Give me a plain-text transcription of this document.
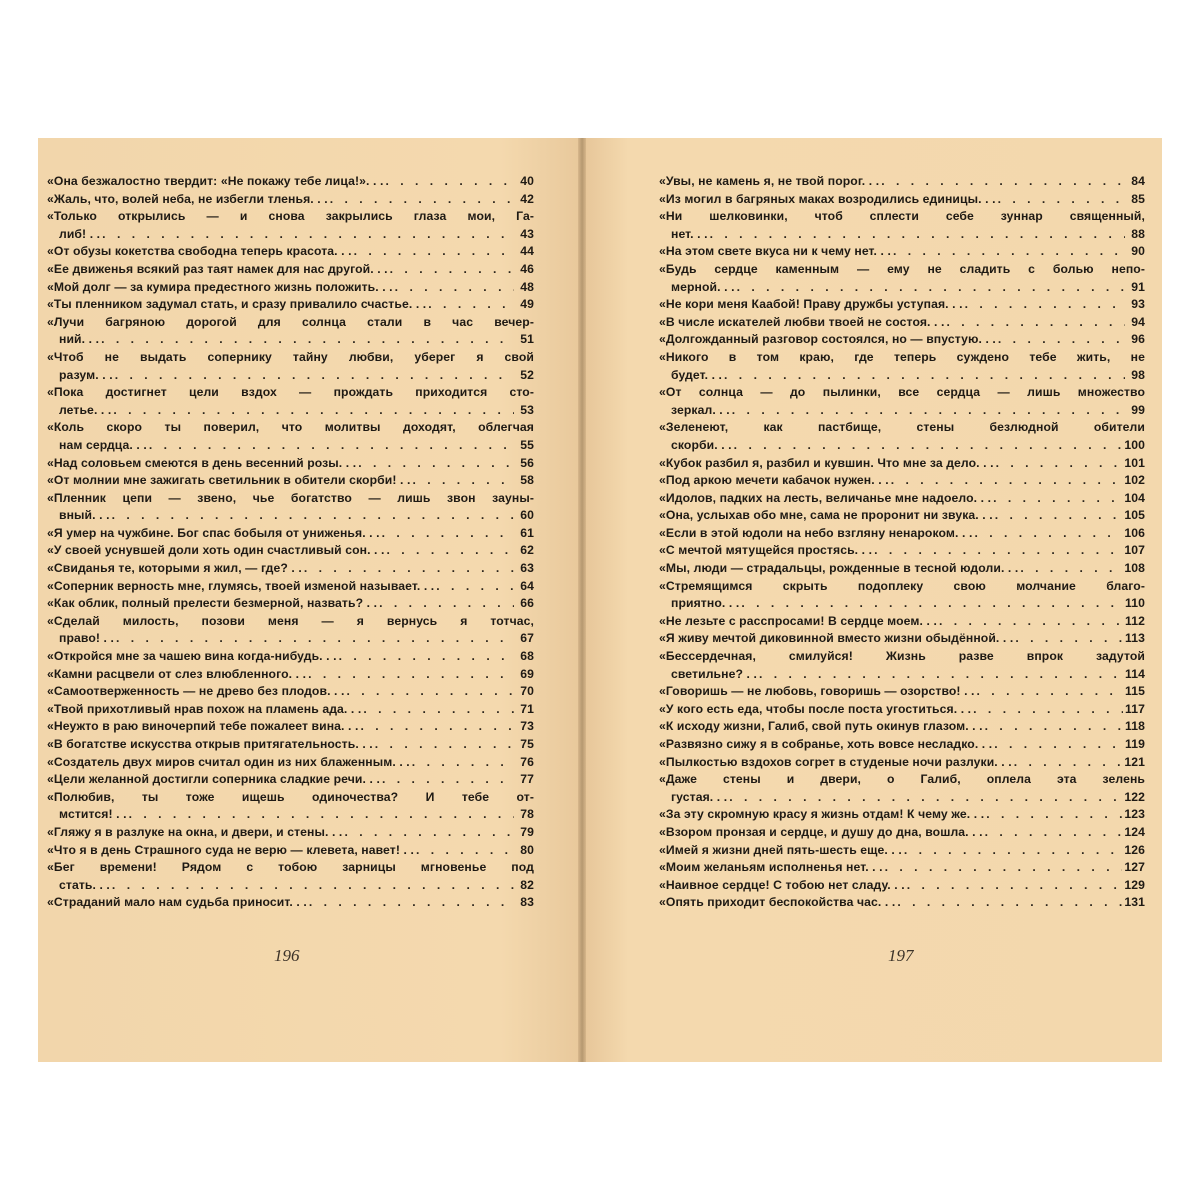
«Она безжалостно твердит: «Не покажу тебе лица!». . . . . .	40
«Жаль, что, волей неба, не избегли тленья. . . . . .	42
«Только открылись — и снова закрылись глаза мои, Га-
либ! . . . . .	43
«От обузы кокетства свободна теперь красота. . . . . .	44
«Ее движенья всякий раз таят намек для нас другой. . . . . .	46
«Мой долг — за кумира предестного жизнь положить. . . . . .	48
«Ты пленником задумал стать, и сразу привалило счастье. . . . . .	49
«Лучи багряною дорогой для солнца стали в час вечер-
ний. . . . . .	51
«Чтоб не выдать сопернику тайну любви, уберег я свой
разум. . . . . .	52
«Пока достигнет цели вздох — прождать приходится сто-
летье. . . . . .	53
«Коль скоро ты поверил, что молитвы доходят, облегчая
нам сердца. . . . . .	55
«Над соловьем смеются в день весенний розы. . . . . .	56
«От молнии мне зажигать светильник в обители скорби! . . . . .	58
«Пленник цепи — звено, чье богатство — лишь звон зауны-
вный. . . . . .	60
«Я умер на чужбине. Бог спас бобыля от униженья. . . . . .	61
«У своей уснувшей доли хоть один счастливый сон. . . . . .	62
«Свиданья те, которыми я жил, — где? . . . . .	63
«Соперник верность мне, глумясь, твоей изменой называет. . . . . .	64
«Как облик, полный прелести безмерной, назвать? . . . . .	66
«Сделай милость, позови меня — я вернусь я тотчас,
право! . . . . .	67
«Откройся мне за чашею вина когда-нибудь. . . . . .	68
«Камни расцвели от слез влюбленного. . . . . .	69
«Самоотверженность — не древо без плодов. . . . . .	70
«Твой прихотливый нрав похож на пламень ада. . . . . .	71
«Неужто в раю виночерпий тебе пожалеет вина. . . . . .	73
«В богатстве искусства открыв притягательность. . . . . .	75
«Создатель двух миров считал один из них блаженным. . . . . .	76
«Цели желанной достигли соперника сладкие речи. . . . . .	77
«Полюбив, ты тоже ищешь одиночества? И тебе от-
мстится! . . . . .	78
«Гляжу я в разлуке на окна, и двери, и стены. . . . . .	79
«Что я в день Страшного суда не верю — клевета, навет! . . . . .	80
«Бег времени! Рядом с тобою зарницы мгновенье под
стать. . . . . .	82
«Страданий мало нам судьба приносит. . . . . .	83
196
«Увы, не камень я, не твой порог. . . . . .	84
«Из могил в багряных маках возродились единицы. . . . . .	85
«Ни шелковинки, чтоб сплести себе зуннар священный,
нет. . . . . .	88
«На этом свете вкуса ни к чему нет. . . . . .	90
«Будь сердце каменным — ему не сладить с болью непо-
мерной. . . . . .	91
«Не кори меня Каабой! Праву дружбы уступая. . . . . .	93
«В числе искателей любви твоей не состоя. . . . . .	94
«Долгожданный разговор состоялся, но — впустую. . . . . .	96
«Никого в том краю, где теперь суждено тебе жить, не
будет. . . . . .	98
«От солнца — до пылинки, все сердца — лишь множество
зеркал. . . . . .	99
«Зеленеют, как пастбище, стены безлюдной обители
скорби. . . . . .	100
«Кубок разбил я, разбил и кувшин. Что мне за дело. . . . . .	101
«Под аркою мечети кабачок нужен. . . . . .	102
«Идолов, падких на лесть, величанье мне надоело. . . . . .	104
«Она, услыхав обо мне, сама не проронит ни звука. . . . . .	105
«Если в этой юдоли на небо взгляну ненароком. . . . . .	106
«С мечтой мятущейся простясь. . . . . .	107
«Мы, люди — страдальцы, рожденные в тесной юдоли. . . . . .	108
«Стремящимся скрыть подоплеку свою молчание благо-
приятно. . . . . .	110
«Не лезьте с расспросами! В сердце моем. . . . . .	112
«Я живу мечтой диковинной вместо жизни обыдённой. . . . . .	113
«Бессердечная, смилуйся! Жизнь разве впрок задутой
светильне? . . . . .	114
«Говоришь — не любовь, говоришь — озорство! . . . . .	115
«У кого есть еда, чтобы после поста угоститься. . . . . .	117
«К исходу жизни, Галиб, свой путь окинув глазом. . . . . .	118
«Развязно сижу я в собранье, хоть вовсе несладко. . . . . .	119
«Пылкостью вздохов согрет в студеные ночи разлуки. . . . . .	121
«Даже стены и двери, о Галиб, оплела эта зелень
густая. . . . . .	122
«За эту скромную красу я жизнь отдам! К чему же. . . . . .	123
«Взором пронзая и сердце, и душу до дна, вошла. . . . . .	124
«Имей я жизни дней пять-шесть еще. . . . . .	126
«Моим желаньям исполненья нет. . . . . .	127
«Наивное сердце! С тобою нет сладу. . . . . .	129
«Опять приходит беспокойства час. . . . . .	131
197
